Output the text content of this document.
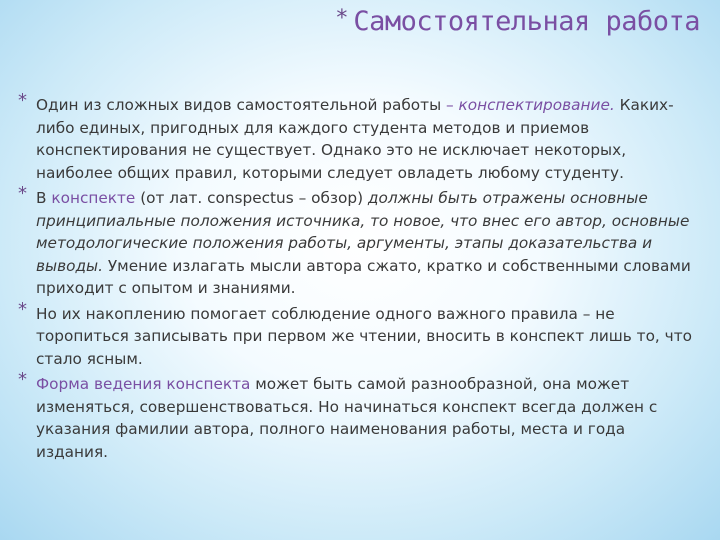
* Самостоятельная работа
* Один из сложных видов самостоятельной работы – конспектирование. Каких-либо единых, пригодных для каждого студента методов и приемов конспектирования не существует. Однако это не исключает некоторых, наиболее общих правил, которыми следует овладеть любому студенту.
* В конспекте (от лат. conspectus – обзор) должны быть отражены основные принципиальные положения источника, то новое, что внес его автор, основные методологические положения работы, аргументы, этапы доказательства и выводы. Умение излагать мысли автора сжато, кратко и собственными словами приходит с опытом и знаниями.
* Но их накоплению помогает соблюдение одного важного правила – не торопиться записывать при первом же чтении, вносить в конспект лишь то, что стало ясным.
* Форма ведения конспекта может быть самой разнообразной, она может изменяться, совершенствоваться. Но начинаться конспект всегда должен с указания фамилии автора, полного наименования работы, места и года издания.
